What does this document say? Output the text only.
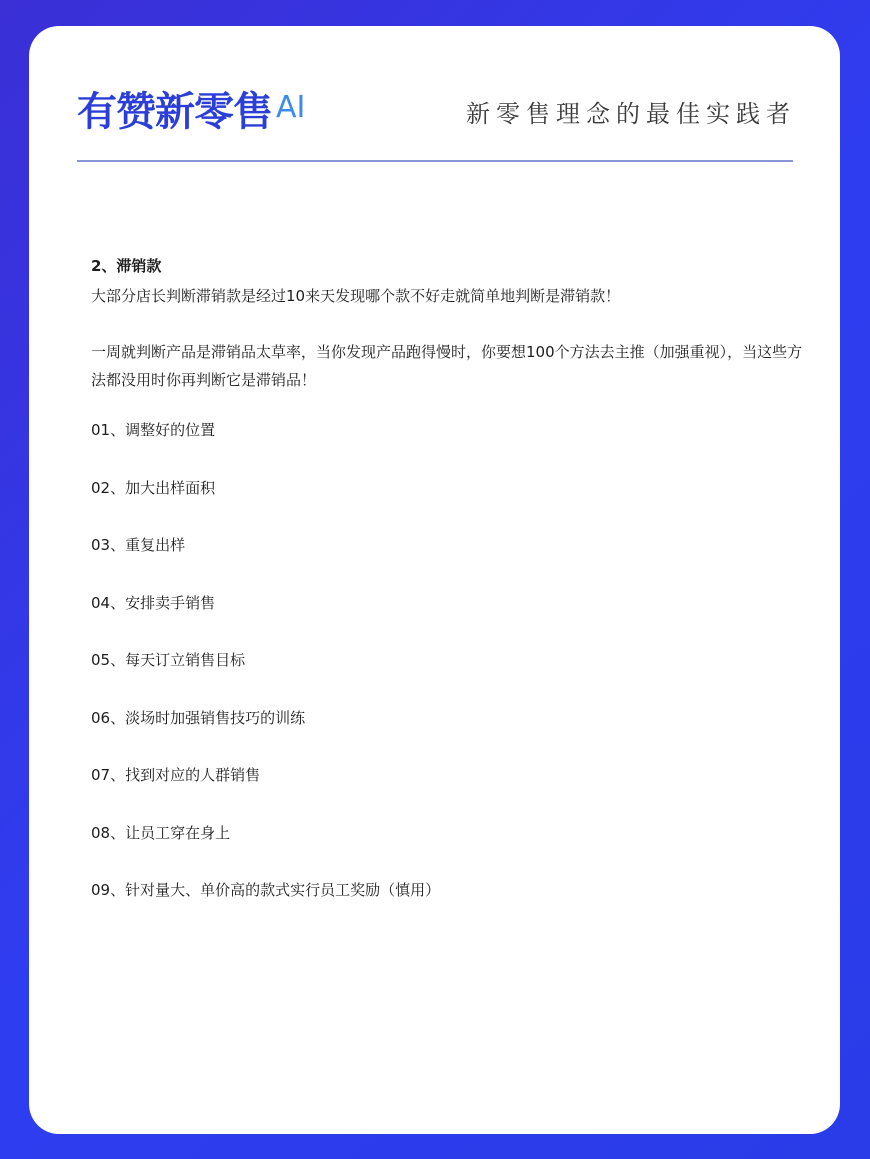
有赞新零售 $^{AI}$	新零售理念的最佳实践者

2、滞销款

大部分店长判断滞销款是经过10来天发现哪个款不好走就简单地判断是滞销款！

一周就判断产品是滞销品太草率，当你发现产品跑得慢时，你要想100个方法去主推（加强重视），当这些方法都没用时你再判断它是滞销品！

01、调整好的位置
02、加大出样面积
03、重复出样
04、安排卖手销售
05、每天订立销售目标
06、淡场时加强销售技巧的训练
07、找到对应的人群销售
08、让员工穿在身上
09、针对量大、单价高的款式实行员工奖励（慎用）
